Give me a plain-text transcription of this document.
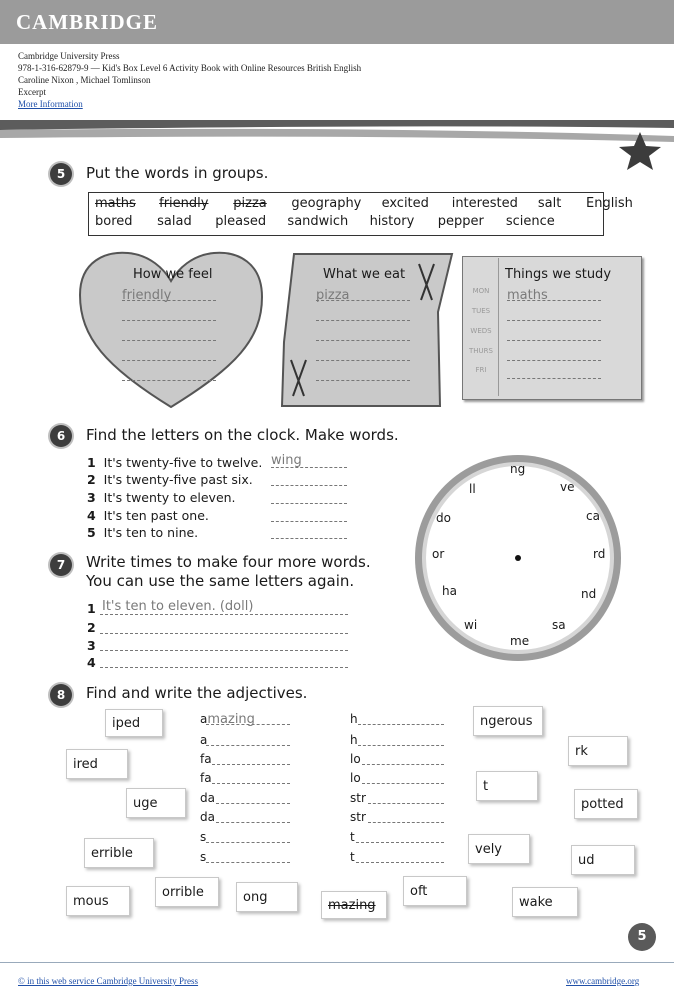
CAMBRIDGE
Cambridge University Press
978-1-316-62879-9 — Kid's Box Level 6 Activity Book with Online Resources British English
Caroline Nixon , Michael Tomlinson
Excerpt
More Information
5	Put the words in groups.
maths friendly pizza geography excited interested salt English
bored salad pleased sandwich history pepper science
How we feel
friendly
What we eat
pizza
Things we study
maths
MON
TUES
WEDS
THURS
FRI
6	Find the letters on the clock. Make words.
1 It's twenty-five to twelve.
2 It's twenty-five past six.
3 It's twenty to eleven.
4 It's ten past one.
5 It's ten to nine.
wing
ng
ve
ca
rd
nd
sa
me
wi
ha
or
do
ll
7	Write times to make four more words.
You can use the same letters again.
1 It's ten to eleven. (doll)
2
3
4
8	Find and write the adjectives.
amazing
a
fa
fa
da
da
s
s
h
h
lo
lo
str
str
t
t
iped
ired
uge
errible
mous
orrible	ong
mazing
oft
ngerous
rk
t
potted
vely
ud
wake
5
© in this web service Cambridge University Press	www.cambridge.org
